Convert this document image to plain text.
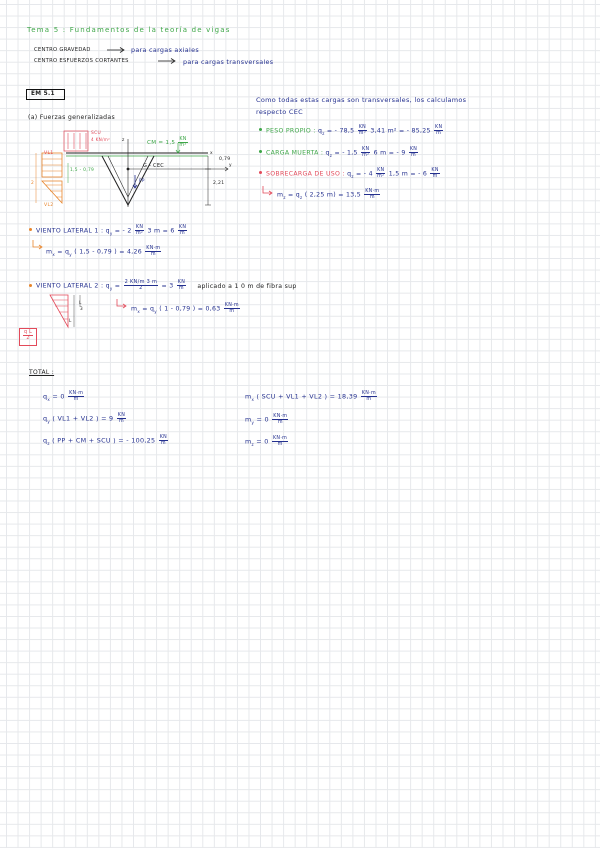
Tema 5 : Fundamentos de la teoría de vigas
CENTRO GRAVEDAD	para cargas axiales
CENTRO ESFUERZOS CORTANTES	para cargas transversales
EM 5.1
(a) Fuerzas generalizadas
SCU
4 KN/m²
CM = $1,5 \frac{KN}{\text{m²}}$
VL1
VL2
G - CEC
PP
1,5 - 0,79
0,79
2,21
z
y
x
2
Como todas estas cargas son transversales, los calculamos
respecto CEC
PESO PROPIO : $q_z$ = - $78,5 \frac{KN}{\text{m³}} 3,41$ m² = - $85,25 \frac{KN}{m}$
CARGA MUERTA : $q_z$ = - $1,5 \frac{KN}{\text{m²}} 6$ m = - $9 \frac{KN}{m}$
SOBRECARGA DE USO : $q_z$ = - $4 \frac{KN}{\text{m²}} 1,5$ m = - $6 \frac{KN}{m}$
$m_z = q_z$ ( 2,25 $m) = 13,5 \frac{KN\cdot m}{m}$
VIENTO LATERAL 1 : $q_y$ = - $2 \frac{KN}{\text{m²}} 3$ $m = 6 \frac{KN}{m}$
$m_x = q_y$ ( 1,5 - 0,79 ) = $4,26 \frac{KN\cdot m}{m}$
VIENTO LATERAL 2 : $q_y = \frac{2 KN/m 3 m}{2} = 3 \frac{KN}{m}$ aplicado a 1 0 m de fibra sup
L
3
L
$\frac{\text{q L}}{2}$
$m_x = q_y$ ( 1 - 0,79 ) = $0,63 \frac{KN\cdot m}{m}$
TOTAL :
$q_x = 0 \frac{KN\cdot m}{m}$
$q_y$ ( VL1 + VL2 ) = $9 \frac{KN}{m}$
$q_z$ ( PP + CM + SCU ) = - $100,25 \frac{KN}{m}$
$m_x$ ( SCU + VL1 + VL2 ) = $18,39 \frac{KN\cdot m}{m}$
$m_y = 0 \frac{KN\cdot m}{m}$
$m_z = 0 \frac{KN\cdot m}{m}$
